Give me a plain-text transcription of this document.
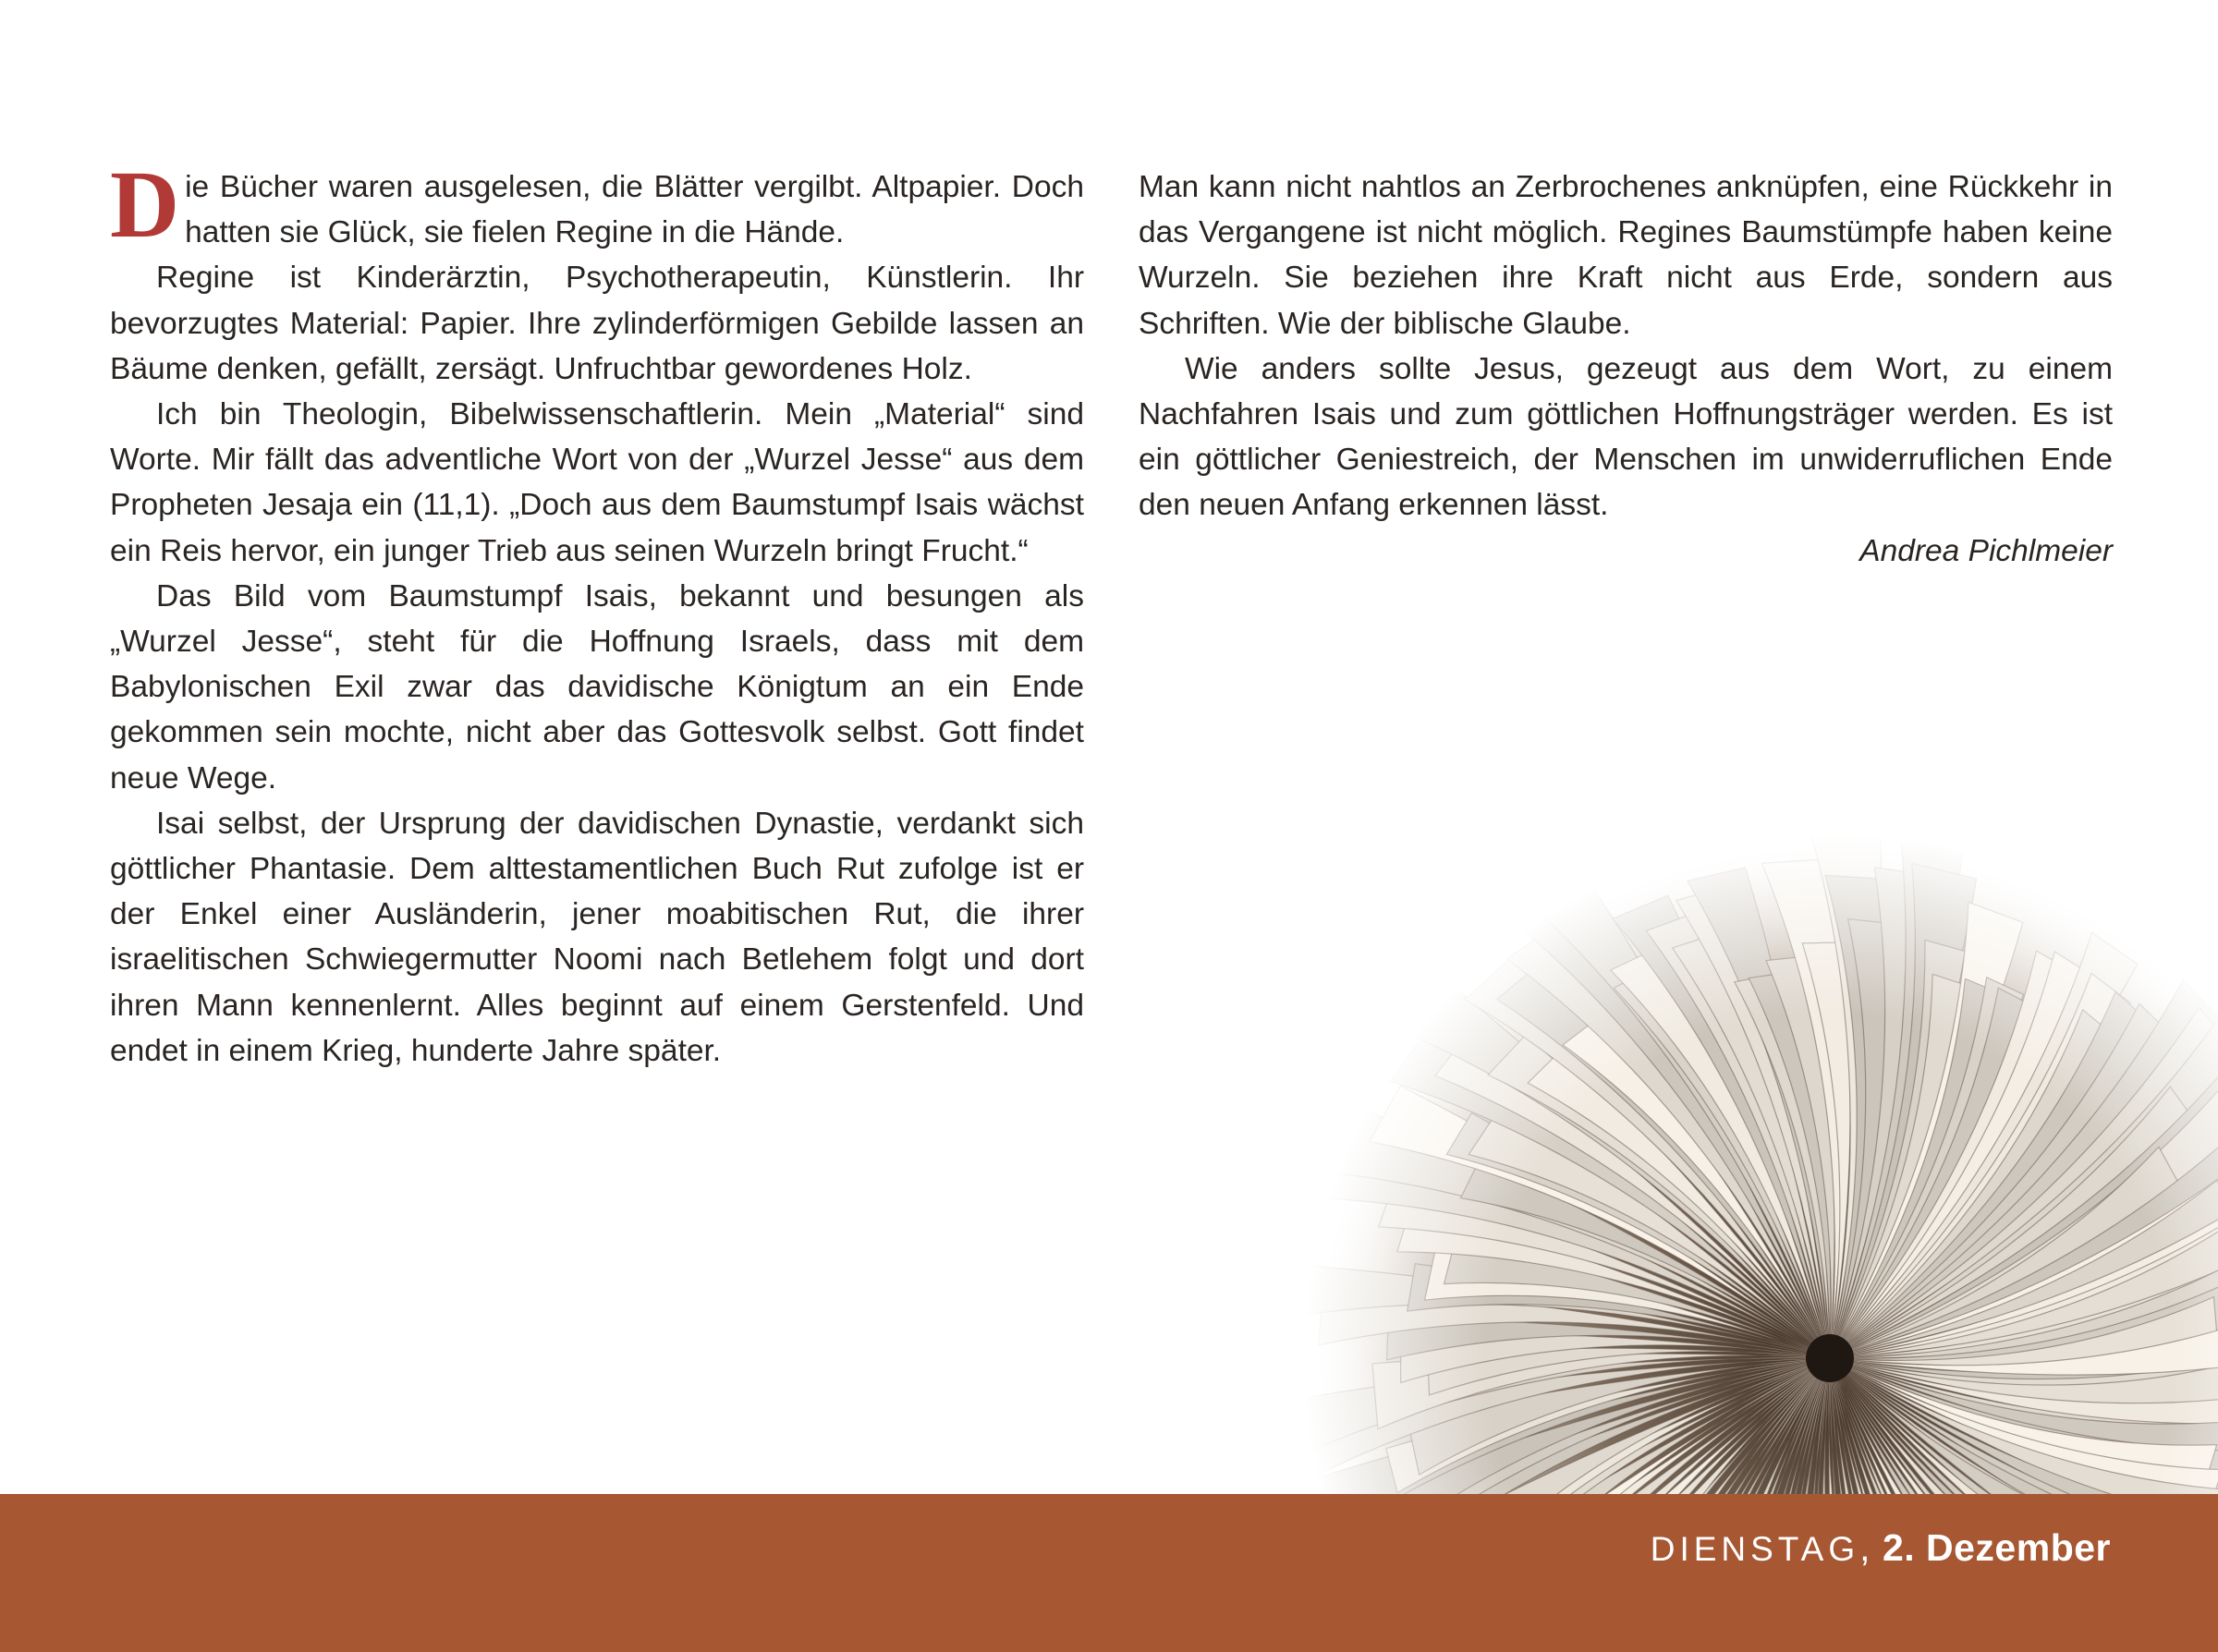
Die Bücher waren ausgelesen, die Blätter vergilbt. Altpapier. Doch hatten sie Glück, sie fielen Regine in die Hände.

Regine ist Kinderärztin, Psychotherapeutin, Künstlerin. Ihr bevorzugtes Material: Papier. Ihre zylinderförmigen Gebilde lassen an Bäume denken, gefällt, zersägt. Unfruchtbar gewordenes Holz.

Ich bin Theologin, Bibelwissenschaftlerin. Mein „Material“ sind Worte. Mir fällt das adventliche Wort von der „Wurzel Jesse“ aus dem Propheten Jesaja ein (11,1). „Doch aus dem Baumstumpf Isais wächst ein Reis hervor, ein junger Trieb aus seinen Wurzeln bringt Frucht.“

Das Bild vom Baumstumpf Isais, bekannt und besungen als „Wurzel Jesse“, steht für die Hoffnung Israels, dass mit dem Babylonischen Exil zwar das davidische Königtum an ein Ende gekommen sein mochte, nicht aber das Gottesvolk selbst. Gott findet neue Wege.

Isai selbst, der Ursprung der davidischen Dynastie, verdankt sich göttlicher Phantasie. Dem alttestamentlichen Buch Rut zufolge ist er der Enkel einer Ausländerin, jener moabitischen Rut, die ihrer israelitischen Schwiegermutter Noomi nach Betlehem folgt und dort ihren Mann kennenlernt. Alles beginnt auf einem Gerstenfeld. Und endet in einem Krieg, hunderte Jahre später.

Man kann nicht nahtlos an Zerbrochenes anknüpfen, eine Rückkehr in das Vergangene ist nicht möglich. Regines Baumstümpfe haben keine Wurzeln. Sie beziehen ihre Kraft nicht aus Erde, sondern aus Schriften. Wie der biblische Glaube.

Wie anders sollte Jesus, gezeugt aus dem Wort, zu einem Nachfahren Isais und zum göttlichen Hoffnungsträger werden. Es ist ein göttlicher Geniestreich, der Menschen im unwiderruflichen Ende den neuen Anfang erkennen lässt.

Andrea Pichlmeier

DIENSTAG, 2. Dezember
